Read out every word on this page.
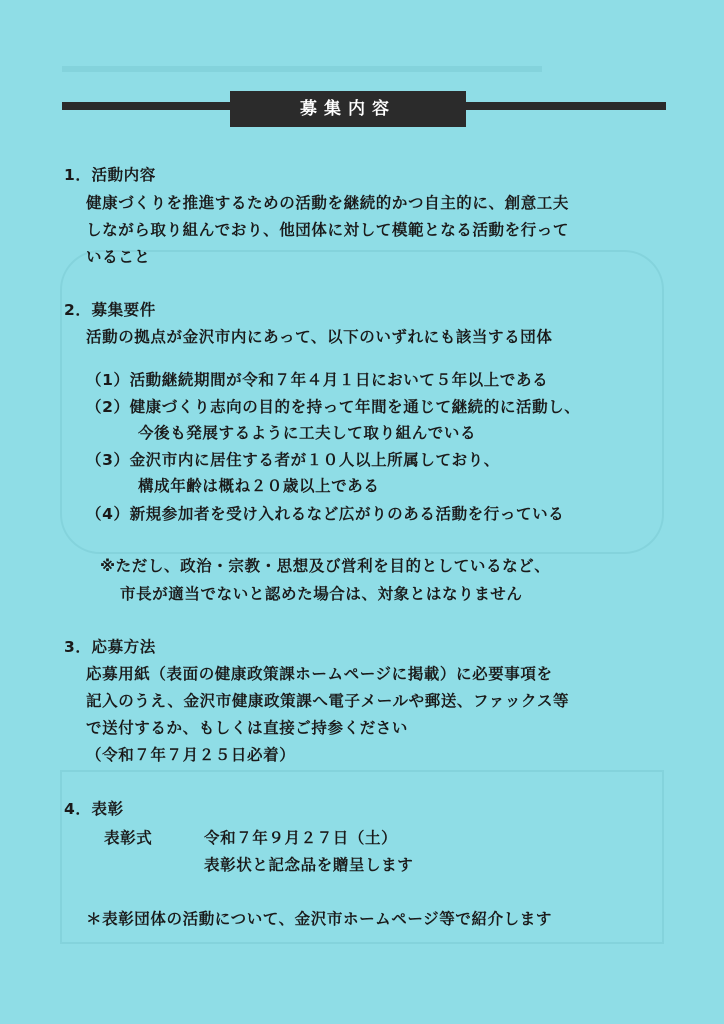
募集内容
1．活動内容
健康づくりを推進するための活動を継続的かつ自主的に、創意工夫
しながら取り組んでおり、他団体に対して模範となる活動を行って
いること
2．募集要件
活動の拠点が金沢市内にあって、以下のいずれにも該当する団体
（1）活動継続期間が令和７年４月１日において５年以上である
（2）健康づくり志向の目的を持って年間を通じて継続的に活動し、
今後も発展するように工夫して取り組んでいる
（3）金沢市内に居住する者が１０人以上所属しており、
構成年齢は概ね２０歳以上である
（4）新規参加者を受け入れるなど広がりのある活動を行っている
※ただし、政治・宗教・思想及び営利を目的としているなど、
市長が適当でないと認めた場合は、対象とはなりません
3．応募方法
応募用紙（表面の健康政策課ホームページに掲載）に必要事項を
記入のうえ、金沢市健康政策課へ電子メールや郵送、ファックス等
で送付するか、もしくは直接ご持参ください
（令和７年７月２５日必着）
4．表彰
表彰式	令和７年９月２７日（土）
表彰状と記念品を贈呈します
＊表彰団体の活動について、金沢市ホームページ等で紹介します
